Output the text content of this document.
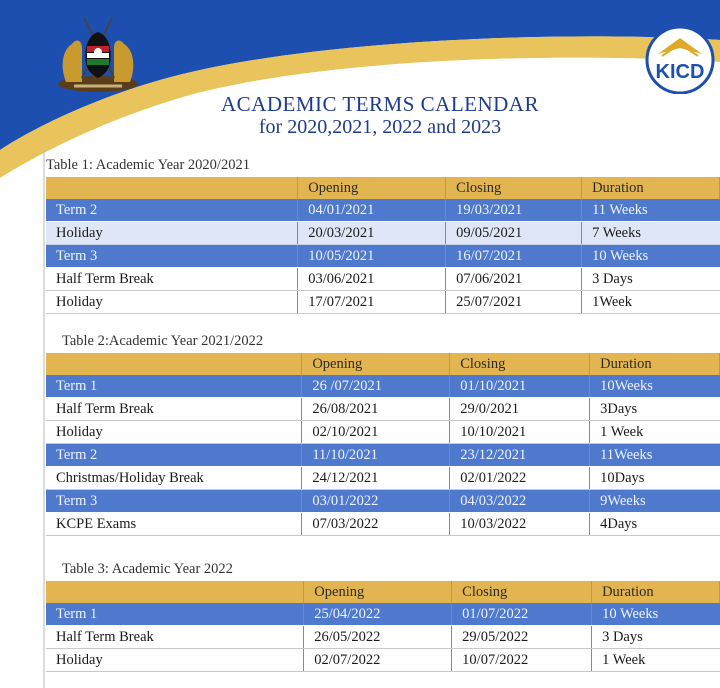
KICD
ACADEMIC TERMS CALENDAR
for 2020,2021, 2022 and 2023
Table 1: Academic Year 2020/2021
	Opening	Closing	Duration
Term 2	04/01/2021	19/03/2021	11 Weeks
Holiday	20/03/2021	09/05/2021	7 Weeks
Term 3	10/05/2021	16/07/2021	10 Weeks
Half Term Break	03/06/2021	07/06/2021	3 Days
Holiday	17/07/2021	25/07/2021	1Week
Table 2:Academic Year 2021/2022
	Opening	Closing	Duration
Term 1	26 /07/2021	01/10/2021	10Weeks
Half Term Break	26/08/2021	29/0/2021	3Days
Holiday	02/10/2021	10/10/2021	1 Week
Term 2	11/10/2021	23/12/2021	11Weeks
Christmas/Holiday Break	24/12/2021	02/01/2022	10Days
Term 3	03/01/2022	04/03/2022	9Weeks
KCPE Exams	07/03/2022	10/03/2022	4Days
Table 3: Academic Year 2022
	Opening	Closing	Duration
Term 1	25/04/2022	01/07/2022	10 Weeks
Half Term Break	26/05/2022	29/05/2022	3 Days
Holiday	02/07/2022	10/07/2022	1 Week
